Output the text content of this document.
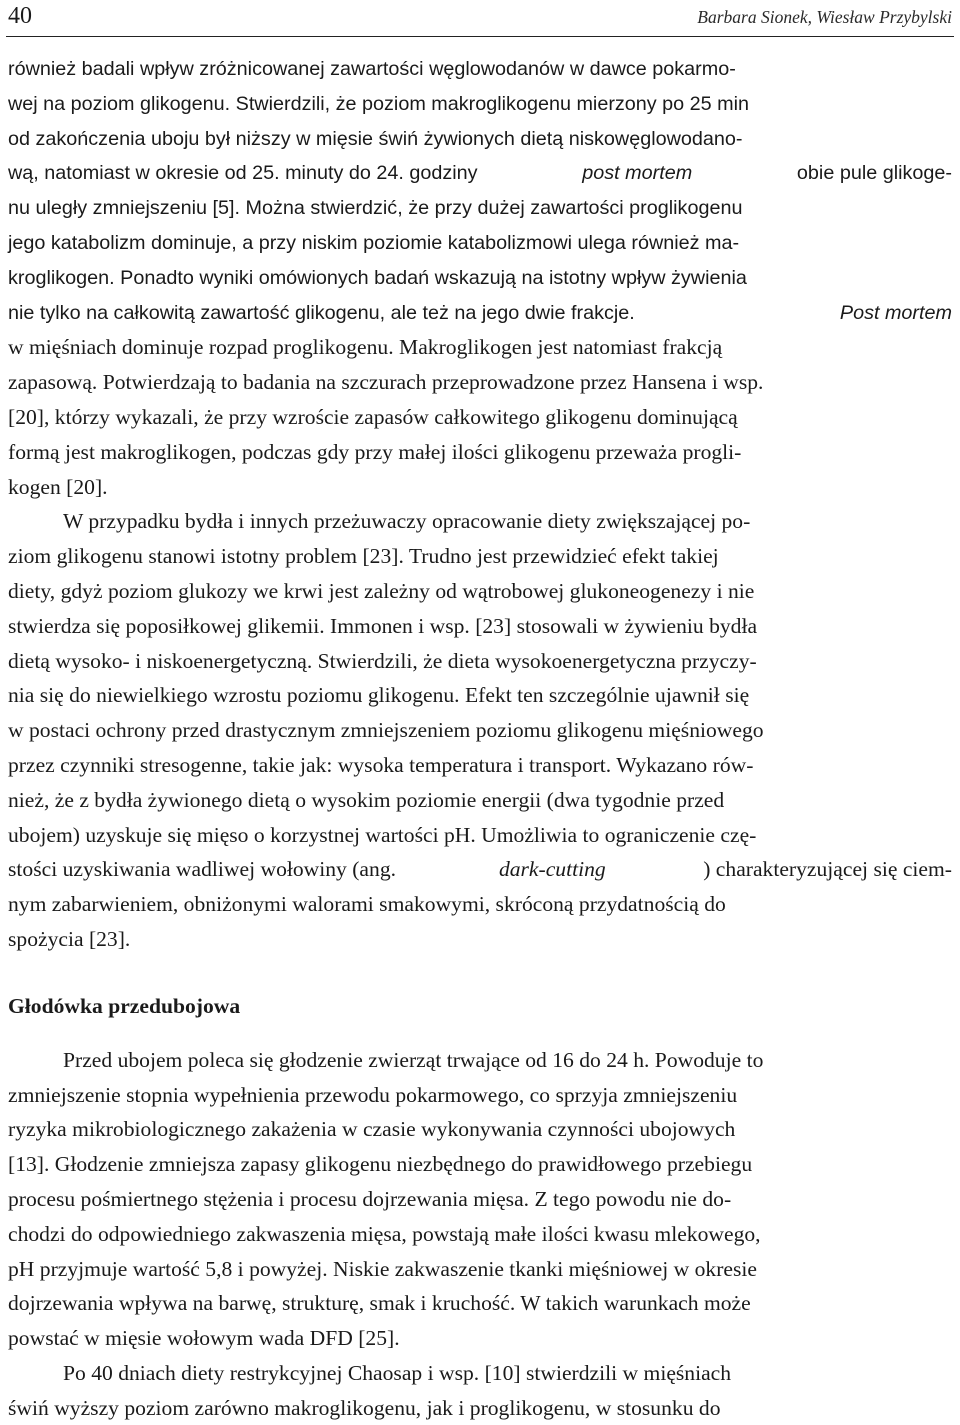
40	Barbara Sionek, Wiesław Przybylski
również badali wpływ zróżnicowanej zawartości węglowodanów w dawce pokarmo-
wej na poziom glikogenu. Stwierdzili, że poziom makroglikogenu mierzony po 25 min
od zakończenia uboju był niższy w mięsie świń żywionych dietą niskowęglowodano-
wą, natomiast w okresie od 25. minuty do 24. godziny	post mortem	obie pule glikoge-
nu uległy zmniejszeniu [5]. Można stwierdzić, że przy dużej zawartości proglikogenu
jego katabolizm dominuje, a przy niskim poziomie katabolizmowi ulega również ma-
kroglikogen. Ponadto wyniki omówionych badań wskazują na istotny wpływ żywienia
nie tylko na całkowitą zawartość glikogenu, ale też na jego dwie frakcje.	Post mortem
w mięśniach dominuje rozpad proglikogenu. Makroglikogen jest natomiast frakcją
zapasową. Potwierdzają to badania na szczurach przeprowadzone przez Hansena i wsp.
[20], którzy wykazali, że przy wzroście zapasów całkowitego glikogenu dominującą
formą jest makroglikogen, podczas gdy przy małej ilości glikogenu przeważa progli-
kogen [20].
W przypadku bydła i innych przeżuwaczy opracowanie diety zwiększającej po-
ziom glikogenu stanowi istotny problem [23]. Trudno jest przewidzieć efekt takiej
diety, gdyż poziom glukozy we krwi jest zależny od wątrobowej glukoneogenezy i nie
stwierdza się poposiłkowej glikemii. Immonen i wsp. [23] stosowali w żywieniu bydła
dietą wysoko- i niskoenergetyczną. Stwierdzili, że dieta wysokoenergetyczna przyczy-
nia się do niewielkiego wzrostu poziomu glikogenu. Efekt ten szczególnie ujawnił się
w postaci ochrony przed drastycznym zmniejszeniem poziomu glikogenu mięśniowego
przez czynniki stresogenne, takie jak: wysoka temperatura i transport. Wykazano rów-
nież, że z bydła żywionego dietą o wysokim poziomie energii (dwa tygodnie przed
ubojem) uzyskuje się mięso o korzystnej wartości pH. Umożliwia to ograniczenie czę-
stości uzyskiwania wadliwej wołowiny (ang.	dark-cutting	) charakteryzującej się ciem-
nym zabarwieniem, obniżonymi walorami smakowymi, skróconą przydatnością do
spożycia [23].
Głodówka przedubojowa
Przed ubojem poleca się głodzenie zwierząt trwające od 16 do 24 h. Powoduje to
zmniejszenie stopnia wypełnienia przewodu pokarmowego, co sprzyja zmniejszeniu
ryzyka mikrobiologicznego zakażenia w czasie wykonywania czynności ubojowych
[13]. Głodzenie zmniejsza zapasy glikogenu niezbędnego do prawidłowego przebiegu
procesu pośmiertnego stężenia i procesu dojrzewania mięsa. Z tego powodu nie do-
chodzi do odpowiedniego zakwaszenia mięsa, powstają małe ilości kwasu mlekowego,
pH przyjmuje wartość 5,8 i powyżej. Niskie zakwaszenie tkanki mięśniowej w okresie
dojrzewania wpływa na barwę, strukturę, smak i kruchość. W takich warunkach może
powstać w mięsie wołowym wada DFD [25].
Po 40 dniach diety restrykcyjnej Chaosap i wsp. [10] stwierdzili w mięśniach
świń wyższy poziom zarówno makroglikogenu, jak i proglikogenu, w stosunku do
